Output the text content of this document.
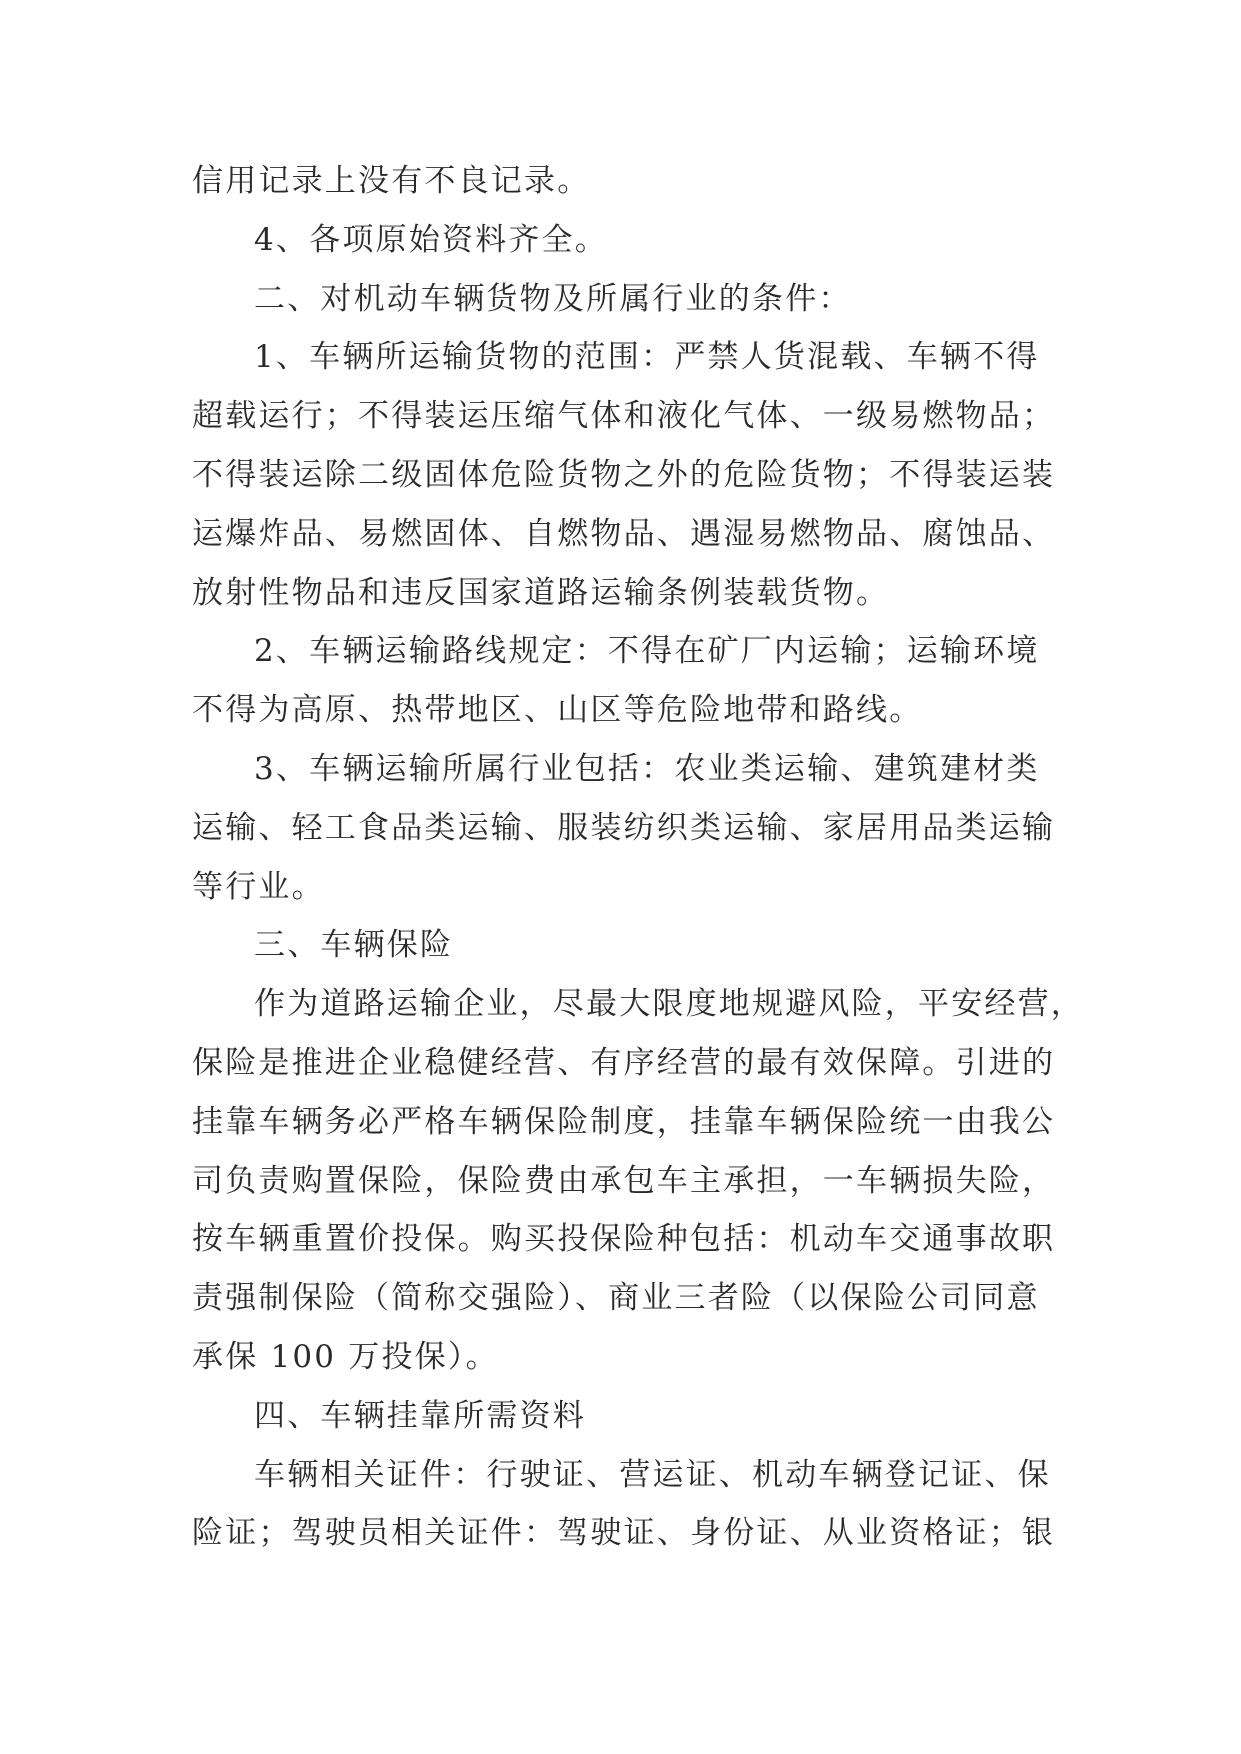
信用记录上没有不良记录。
4、各项原始资料齐全。
二、对机动车辆货物及所属行业的条件：
1、车辆所运输货物的范围：严禁人货混载、车辆不得
超载运行；不得装运压缩气体和液化气体、一级易燃物品；
不得装运除二级固体危险货物之外的危险货物；不得装运装
运爆炸品、易燃固体、自燃物品、遇湿易燃物品、腐蚀品、
放射性物品和违反国家道路运输条例装载货物。
2、车辆运输路线规定：不得在矿厂内运输；运输环境
不得为高原、热带地区、山区等危险地带和路线。
3、车辆运输所属行业包括：农业类运输、建筑建材类
运输、轻工食品类运输、服装纺织类运输、家居用品类运输
等行业。
三、车辆保险
作为道路运输企业，尽最大限度地规避风险，平安经营，
保险是推进企业稳健经营、有序经营的最有效保障。引进的
挂靠车辆务必严格车辆保险制度，挂靠车辆保险统一由我公
司负责购置保险，保险费由承包车主承担，一车辆损失险，
按车辆重置价投保。购买投保险种包括：机动车交通事故职
责强制保险（简称交强险）、商业三者险（以保险公司同意
承保 100 万投保）。
四、车辆挂靠所需资料
车辆相关证件：行驶证、营运证、机动车辆登记证、保
险证；驾驶员相关证件：驾驶证、身份证、从业资格证；银
